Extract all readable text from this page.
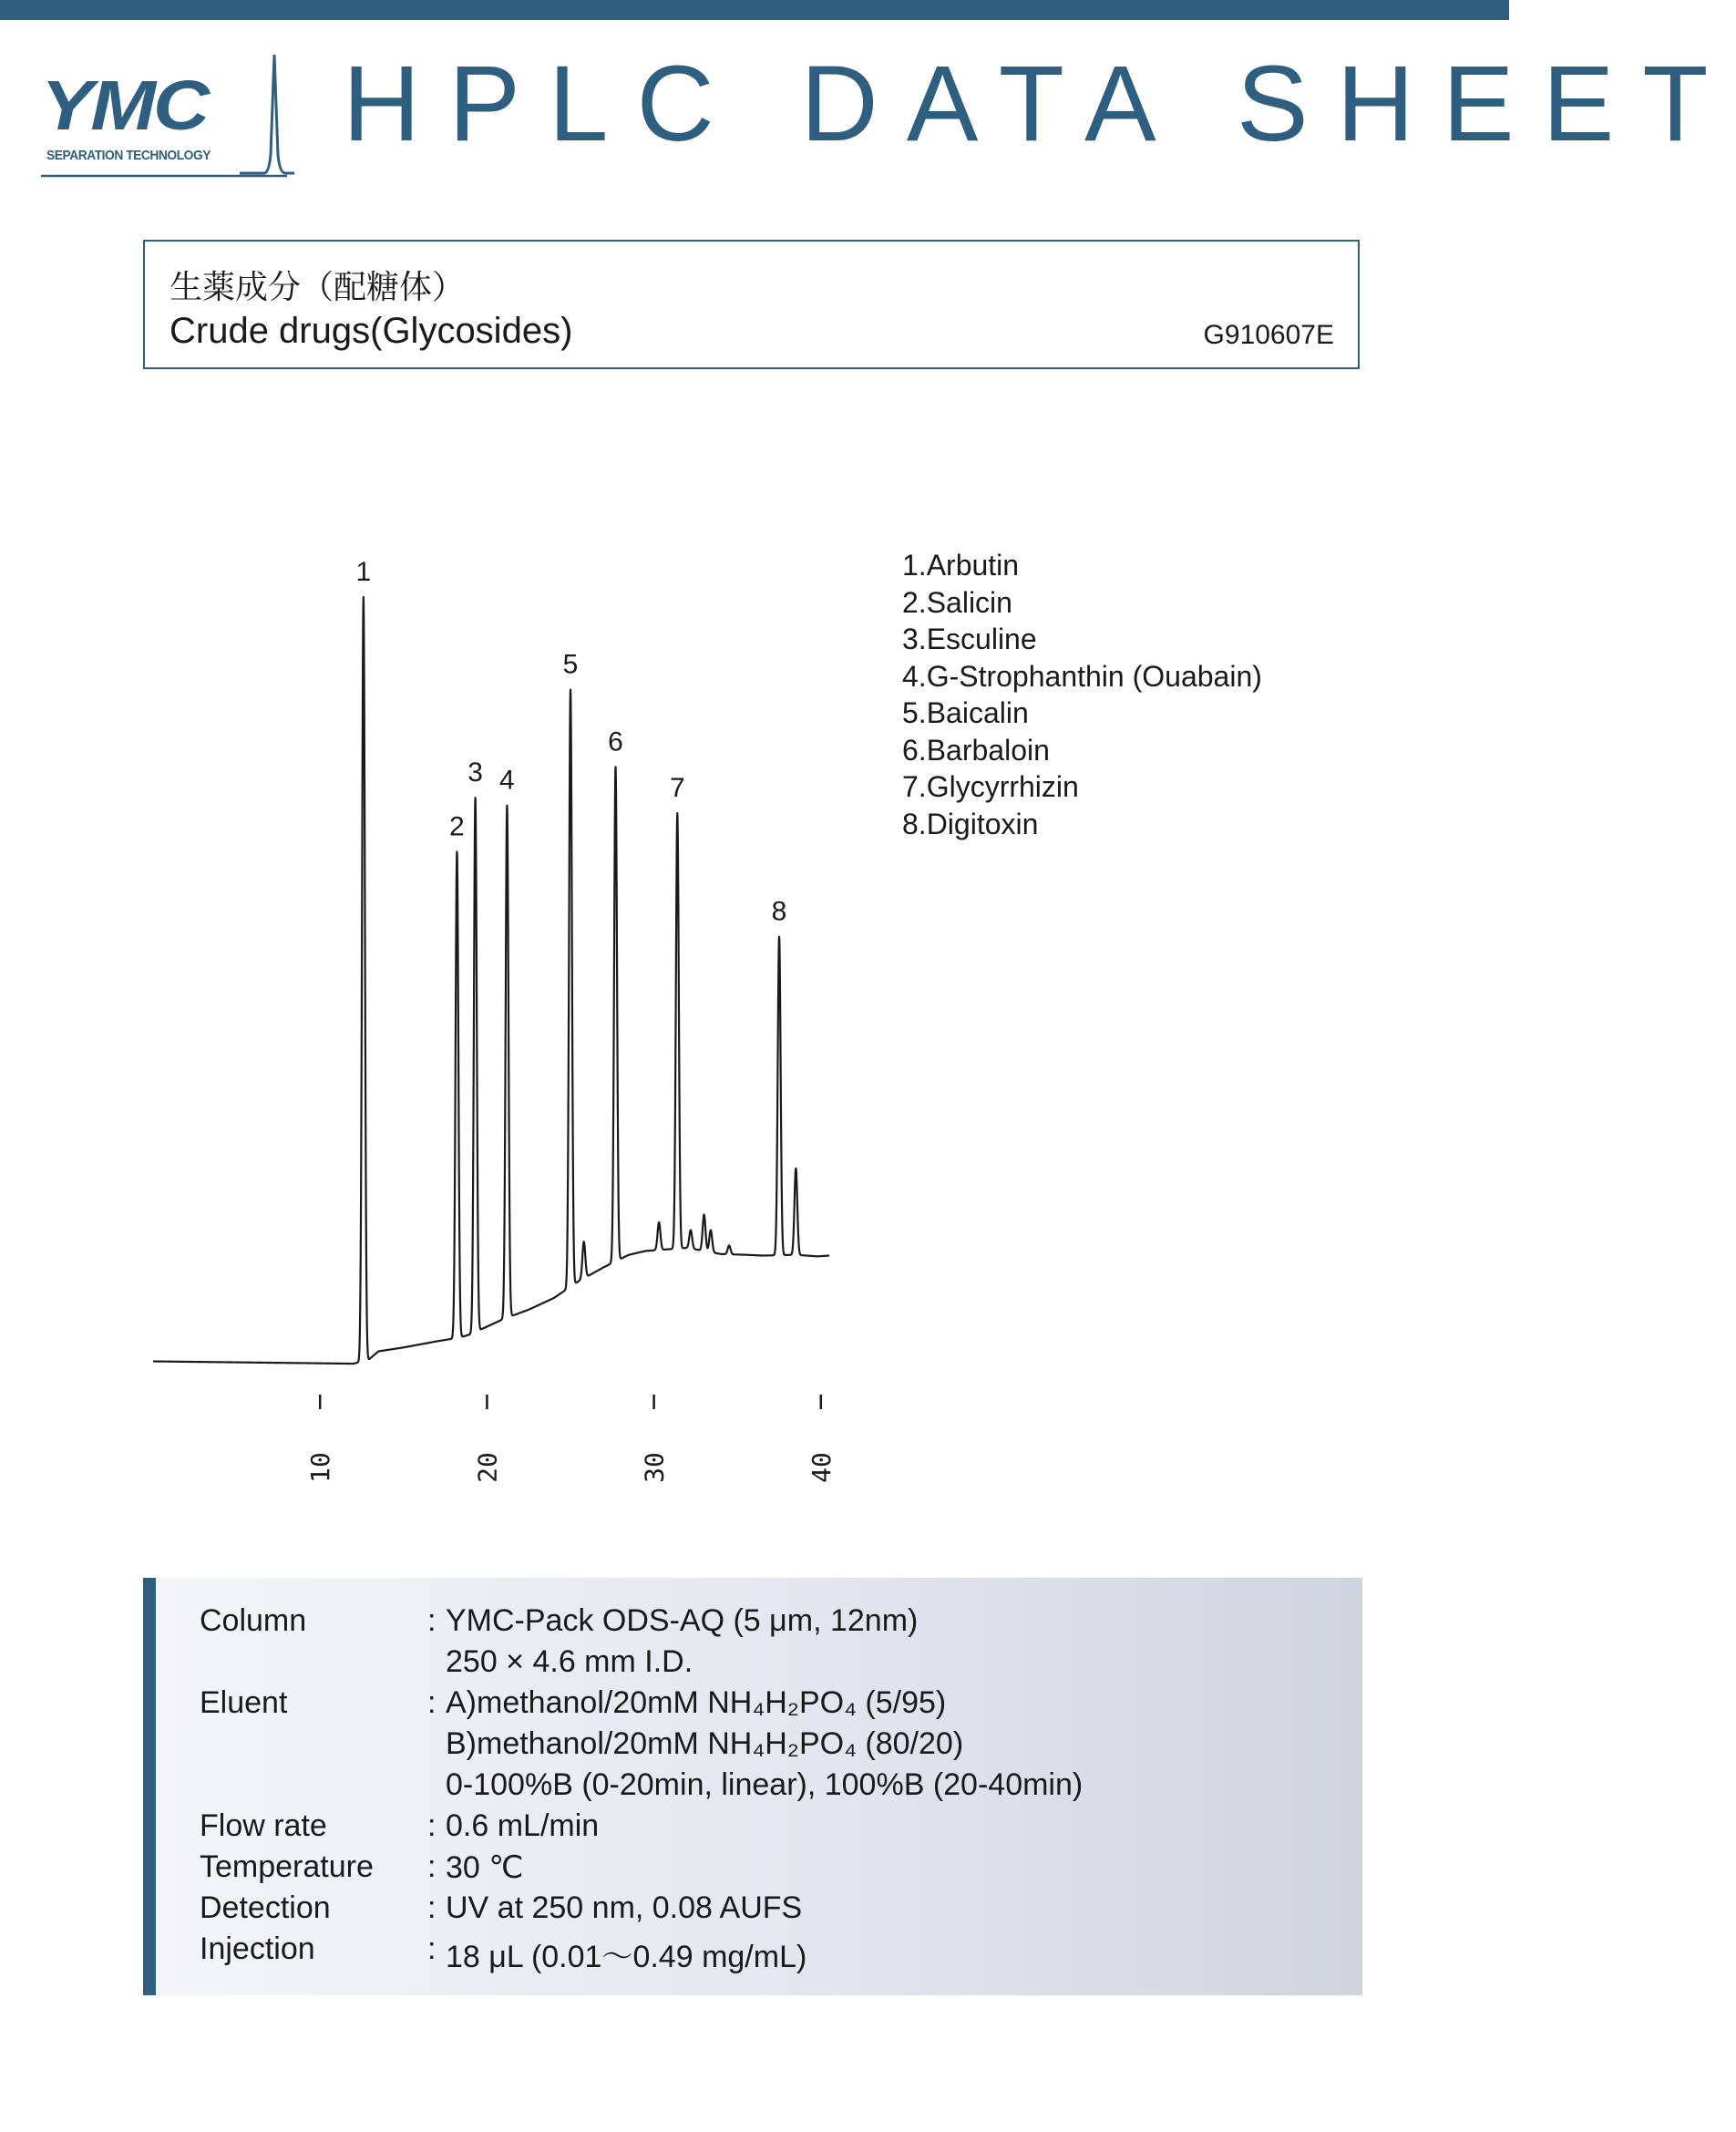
YMC
SEPARATION TECHNOLOGY HPLC DATA SHEET
生薬成分（配糖体）
Crude drugs(Glycosides)	G910607E
1
2
3 4
5
6
7
8
10	20	30	40
1.Arbutin
2.Salicin
3.Esculine
4.G-Strophanthin (Ouabain)
5.Baicalin
6.Barbaloin
7.Glycyrrhizin
8.Digitoxin
Column	: YMC-Pack ODS-AQ (5 μm, 12nm)
250 × 4.6 mm I.D.
Eluent	: A)methanol/20mM NH₄H₂PO₄ (5/95)
B)methanol/20mM NH₄H₂PO₄ (80/20)
0-100%B (0-20min, linear), 100%B (20-40min)
Flow rate	: 0.6 mL/min
Temperature : 30 ℃
Detection	: UV at 250 nm, 0.08 AUFS
Injection	: 18 μL (0.01～0.49 mg/mL)
